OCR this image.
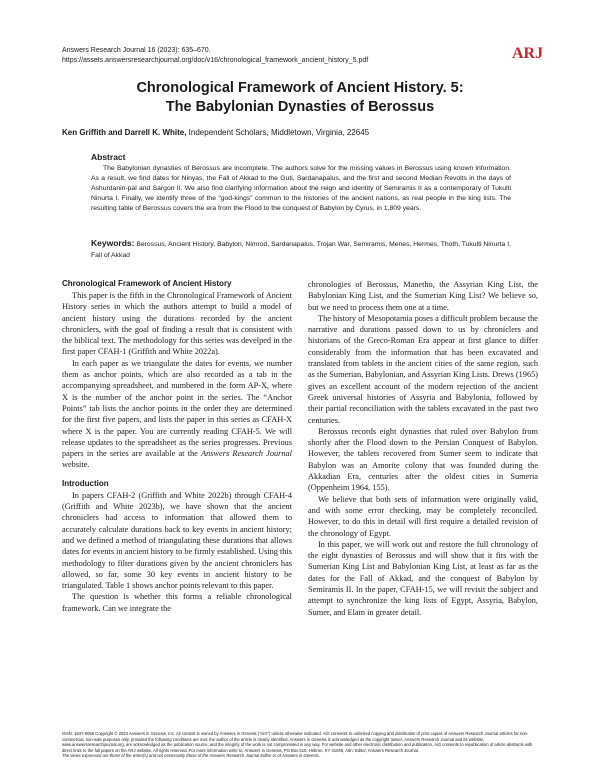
Answers Research Journal 16 (2023): 635–670.
https://assets.answersresearchjournal.org/doc/v16/chronological_framework_ancient_history_5.pdf	ARJ
Chronological Framework of Ancient History. 5:
The Babylonian Dynasties of Berossus
Ken Griffith and Darrell K. White, Independent Scholars, Middletown, Virginia, 22645
Abstract

The Babylonian dynasties of Berossus are incomplete. The authors solve for the missing values in Berossus using known information. As a result, we find dates for Ninyas, the Fall of Akkad to the Guti, Sardanapalus, and the first and second Median Revolts in the days of Ashurdanin-pal and Sargon II. We also find clarifying information about the reign and identity of Semiramis II as a contemporary of Tukulti Ninurta I. Finally, we identify three of the “god-kings” common to the histories of the ancient nations, as real people in the king lists. The resulting table of Berossus covers the era from the Flood to the conquest of Babylon by Cyrus, in 1,809 years.

Keywords: Berossus, Ancient History, Babylon, Nimrod, Sardanapalus, Trojan War, Semiramis, Menes, Hermes, Thoth, Tukulti Ninurta I, Fall of Akkad

Chronological Framework of Ancient History

This paper is the fifth in the Chronological Framework of Ancient History series in which the authors attempt to build a model of ancient history using the durations recorded by the ancient chroniclers, with the goal of finding a result that is consistent with the biblical text. The methodology for this series was develped in the first paper CFAH-1 (Griffith and White 2022a).

In each paper as we triangulate the dates for events, we number them as anchor points, which are also recorded as a tab in the accompanying spreadsheet, and numbered in the form AP-X, where X is the number of the anchor point in the series. The “Anchor Points” tab lists the anchor points in the order they are determined for the first five papers, and lists the paper in this series as CFAH-X where X is the paper. You are currently reading CFAH-5. We will release updates to the spreadsheet as the series progresses. Previous papers in the series are available at the Answers Research Journal website.

Introduction

In papers CFAH-2 (Griffith and White 2022b) through CFAH-4 (Griffith and White 2023b), we have shown that the ancient chroniclers had access to information that allowed them to accurately calculate durations back to key events in ancient history; and we defined a method of triangulating these durations that allows dates for events in ancient history to be firmly established. Using this methodology to filter durations given by the ancient chroniclers has allowed, so far, some 30 key events in ancient history to be triangulated. Table 1 shows anchor points relevant to this paper.

The question is whether this forms a reliable chronological framework. Can we integrate the

chronologies of Berossus, Manetho, the Assyrian King List, the Babylonian King List, and the Sumerian King List? We believe so, but we need to process them one at a time.

The history of Mesopotamia poses a difficult problem because the narrative and durations passed down to us by chroniclers and historians of the Greco-Roman Era appear at first glance to differ considerably from the information that has been excavated and translated from tablets in the ancient cities of the same region, such as the Sumerian, Babylonian, and Assyrian King Lists. Drews (1965) gives an excellent account of the modern rejection of the ancient Greek universal histories of Assyria and Babylonia, followed by their partial reconciliation with the tablets excavated in the past two centuries.

Berossus records eight dynasties that ruled over Babylon from shortly after the Flood down to the Persian Conquest of Babylon. However, the tablets recovered from Sumer seem to indicate that Babylon was an Amorite colony that was founded during the Akkadian Era, centuries after the oldest cities in Sumeria (Oppenheim 1964, 155).

We believe that both sets of information were originally valid, and with some error checking, may be completely reconciled. However, to do this in detail will first require a detailed revision of the chronology of Egypt.

In this paper, we will work out and restore the full chronology of the eight dynasties of Berossus and will show that it fits with the Sumerian King List and Babylonian King List, at least as far as the dates for the Fall of Akkad, and the conquest of Babylon by Semiramis II. In the paper, CFAH-15, we will revisit the subject and attempt to synchronize the king lists of Egypt, Assyria, Babylon, Sumer, and Elam in greater detail.

ISSN: 1937-9056 Copyright © 2023 Answers in Genesis, Inc. All content is owned by Answers in Genesis (“AiG”) unless otherwise indicated. AiG consents to unlimited copying and distribution of print copies of Answers Research Journal articles for non-commercial, non-sale purposes only, provided the following conditions are met: the author of the article is clearly identified; Answers in Genesis is acknowledged as the copyright owner; Answers Research Journal and its website, www.answersresearchjournal.org, are acknowledged as the publication source; and the integrity of the work is not compromised in any way. For website and other electronic distribution and publication, AiG consents to republication of article abstracts with direct links to the full papers on the ARJ website. All rights reserved. For more information write to: Answers in Genesis, PO Box 510, Hebron, KY 41048, Attn: Editor, Answers Research Journal.
The views expressed are those of the writer(s) and not necessarily those of the Answers Research Journal Editor or of Answers in Genesis.
